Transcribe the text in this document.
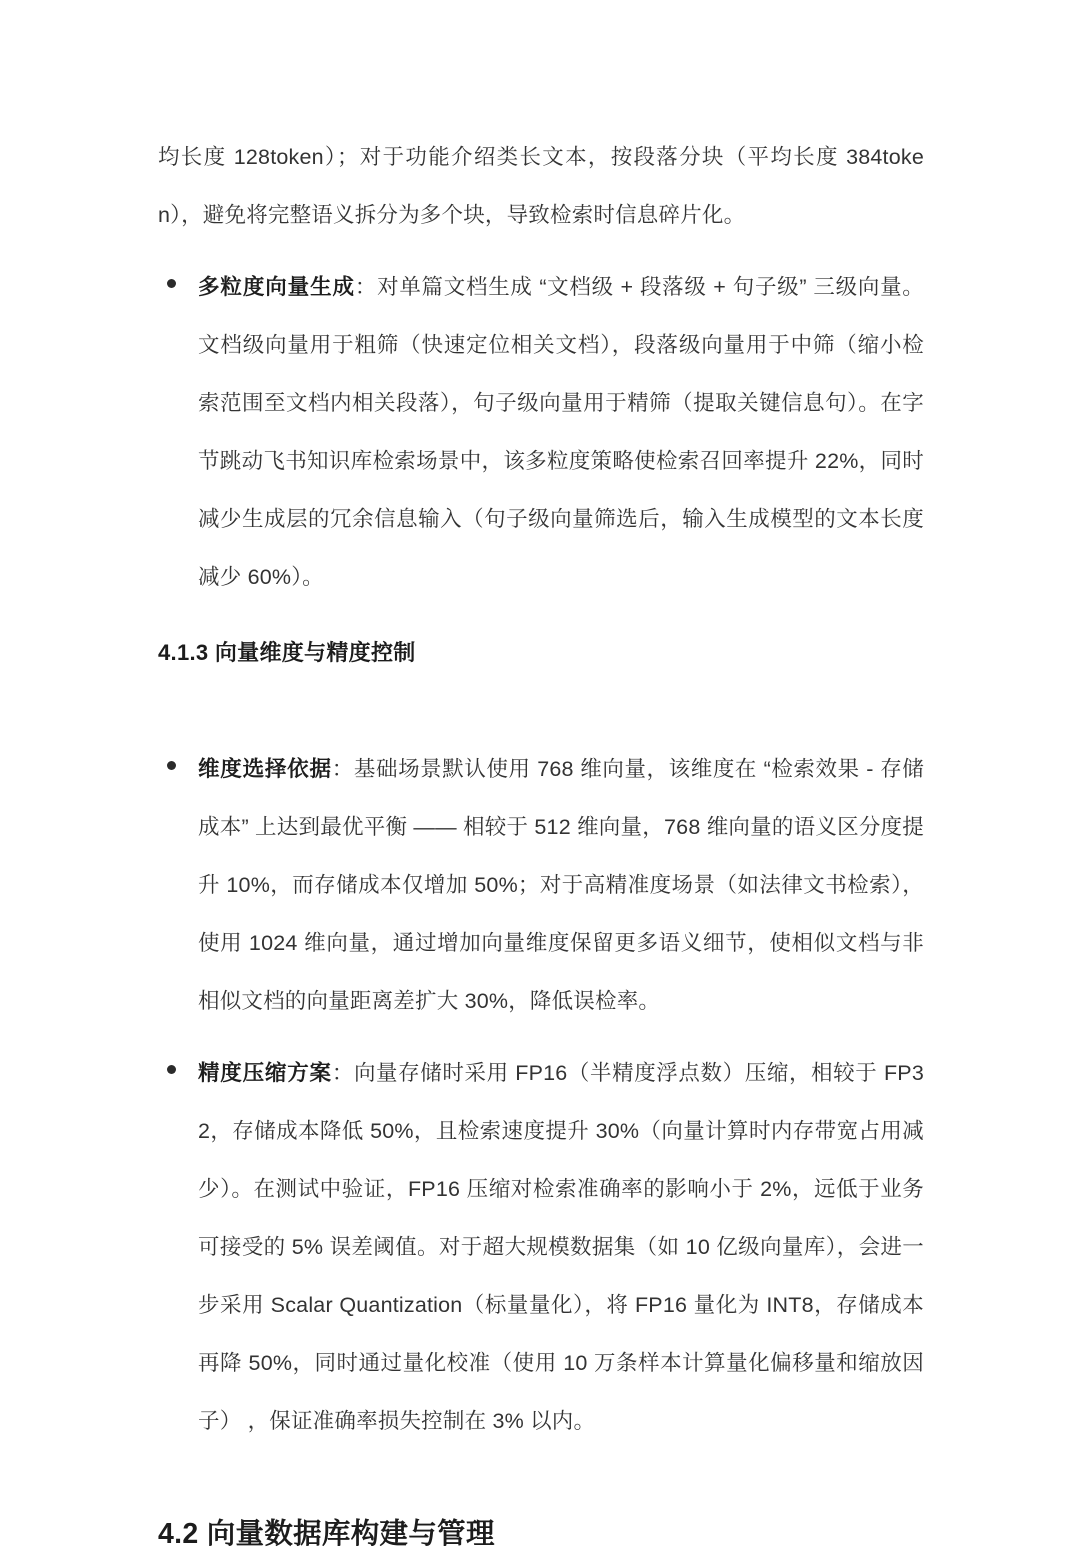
均长度 128token）；对于功能介绍类长文本，按段落分块（平均长度 384token），避免将完整语义拆分为多个块，导致检索时信息碎片化。

多粒度向量生成：对单篇文档生成 “文档级 + 段落级 + 句子级” 三级向量。文档级向量用于粗筛（快速定位相关文档），段落级向量用于中筛（缩小检索范围至文档内相关段落），句子级向量用于精筛（提取关键信息句）。在字节跳动飞书知识库检索场景中，该多粒度策略使检索召回率提升 22%，同时减少生成层的冗余信息输入（句子级向量筛选后，输入生成模型的文本长度减少 60%）。
4.1.3 向量维度与精度控制
维度选择依据：基础场景默认使用 768 维向量，该维度在 “检索效果 - 存储成本” 上达到最优平衡 —— 相较于 512 维向量，768 维向量的语义区分度提升 10%，而存储成本仅增加 50%；对于高精准度场景（如法律文书检索），使用 1024 维向量，通过增加向量维度保留更多语义细节，使相似文档与非相似文档的向量距离差扩大 30%，降低误检率。
精度压缩方案：向量存储时采用 FP16（半精度浮点数）压缩，相较于 FP32，存储成本降低 50%，且检索速度提升 30%（向量计算时内存带宽占用减少）。在测试中验证，FP16 压缩对检索准确率的影响小于 2%，远低于业务可接受的 5% 误差阈值。对于超大规模数据集（如 10 亿级向量库），会进一步采用 Scalar Quantization（标量量化），将 FP16 量化为 INT8，存储成本再降 50%，同时通过量化校准（使用 10 万条样本计算量化偏移量和缩放因子） ，保证准确率损失控制在 3% 以内。
4.2 向量数据库构建与管理
